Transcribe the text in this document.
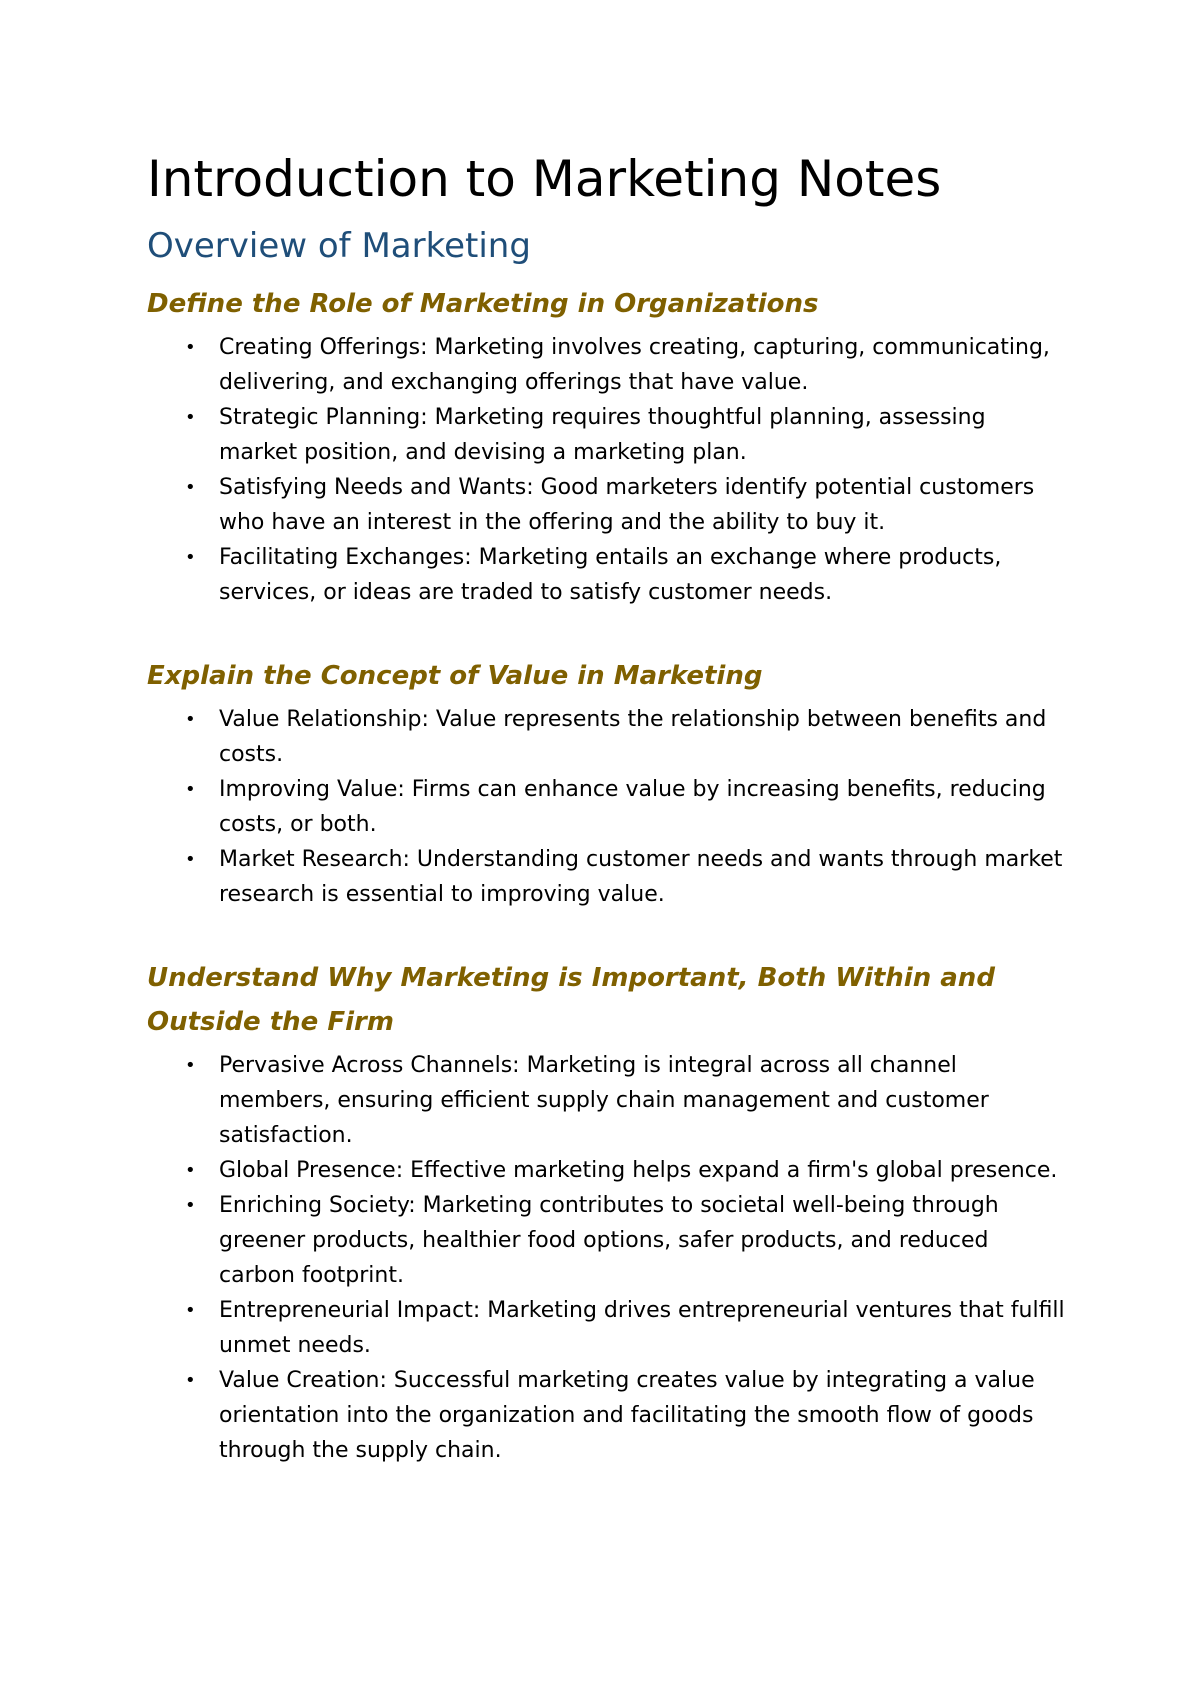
Introduction to Marketing Notes
Overview of Marketing
Define the Role of Marketing in Organizations
• Creating Offerings: Marketing involves creating, capturing, communicating, delivering, and exchanging offerings that have value.
• Strategic Planning: Marketing requires thoughtful planning, assessing market position, and devising a marketing plan.
• Satisfying Needs and Wants: Good marketers identify potential customers who have an interest in the offering and the ability to buy it.
• Facilitating Exchanges: Marketing entails an exchange where products, services, or ideas are traded to satisfy customer needs.
Explain the Concept of Value in Marketing
• Value Relationship: Value represents the relationship between benefits and costs.
• Improving Value: Firms can enhance value by increasing benefits, reducing costs, or both.
• Market Research: Understanding customer needs and wants through market research is essential to improving value.
Understand Why Marketing is Important, Both Within and Outside the Firm
• Pervasive Across Channels: Marketing is integral across all channel members, ensuring efficient supply chain management and customer satisfaction.
• Global Presence: Effective marketing helps expand a firm's global presence.
• Enriching Society: Marketing contributes to societal well-being through greener products, healthier food options, safer products, and reduced carbon footprint.
• Entrepreneurial Impact: Marketing drives entrepreneurial ventures that fulfill unmet needs.
• Value Creation: Successful marketing creates value by integrating a value orientation into the organization and facilitating the smooth flow of goods through the supply chain.
